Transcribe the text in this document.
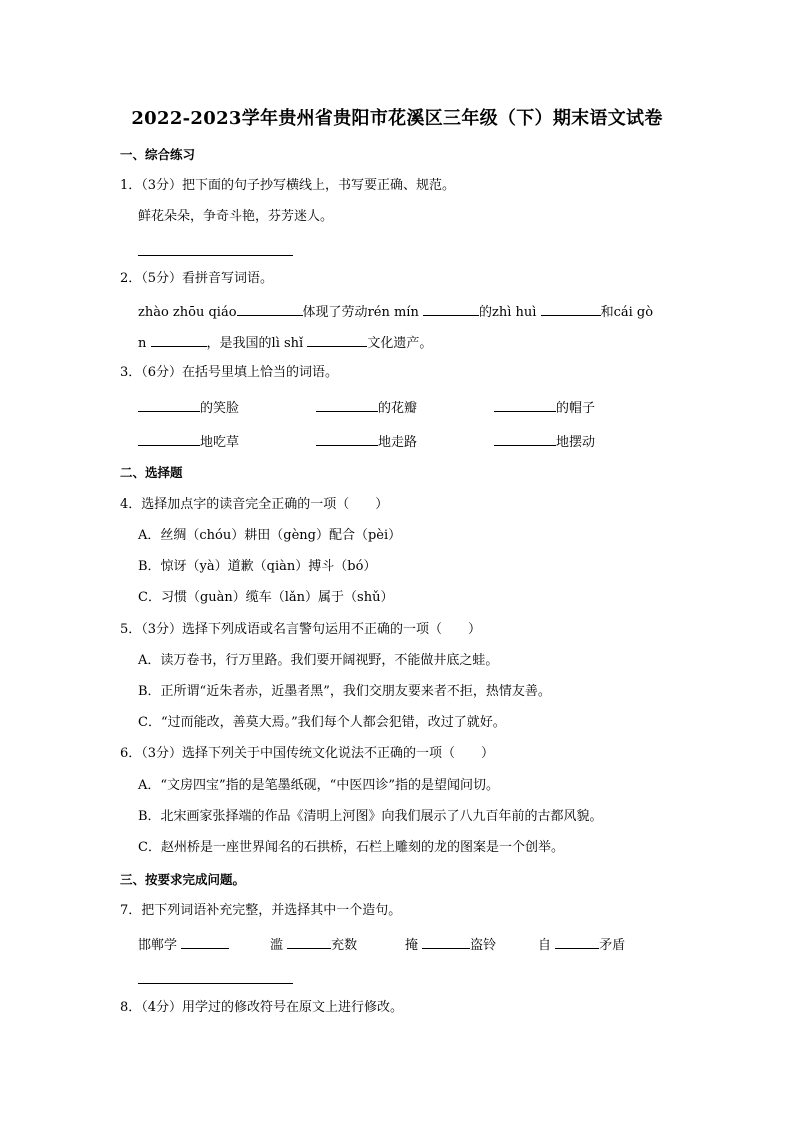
2022-2023学年贵州省贵阳市花溪区三年级（下）期末语文试卷
一、综合练习
1．（3分）把下面的句子抄写横线上，书写要正确、规范。
鲜花朵朵，争奇斗艳，芬芳迷人。
2．（5分）看拼音写词语。
zhào zhōu qiáo	体现了劳动rén mín	的zhì huì	和cái gò
n	，是我国的lì shǐ	文化遗产。
3．（6分）在括号里填上恰当的词语。
的笑脸	的花瓣	的帽子
地吃草	地走路	地摆动
二、选择题
4．选择加点字的读音完全正确的一项（　　）
A．丝绸（chóu）耕田（gèng）配合（pèi）
B．惊讶（yà）道歉（qiàn）搏斗（bó）
C．习惯（guàn）缆车（lǎn）属于（shǔ）
5．（3分）选择下列成语或名言警句运用不正确的一项（　　）
A．读万卷书，行万里路。我们要开阔视野，不能做井底之蛙。
B．正所谓“近朱者赤，近墨者黑”，我们交朋友要来者不拒，热情友善。
C．“过而能改，善莫大焉。”我们每个人都会犯错，改过了就好。
6．（3分）选择下列关于中国传统文化说法不正确的一项（　　）
A．“文房四宝”指的是笔墨纸砚，“中医四诊”指的是望闻问切。
B．北宋画家张择端的作品《清明上河图》向我们展示了八九百年前的古都风貌。
C．赵州桥是一座世界闻名的石拱桥，石栏上雕刻的龙的图案是一个创举。
三、按要求完成问题。
7．把下列词语补充完整，并选择其中一个造句。
邯郸学	滥	充数	掩	盗铃	自	矛盾
8．（4分）用学过的修改符号在原文上进行修改。
